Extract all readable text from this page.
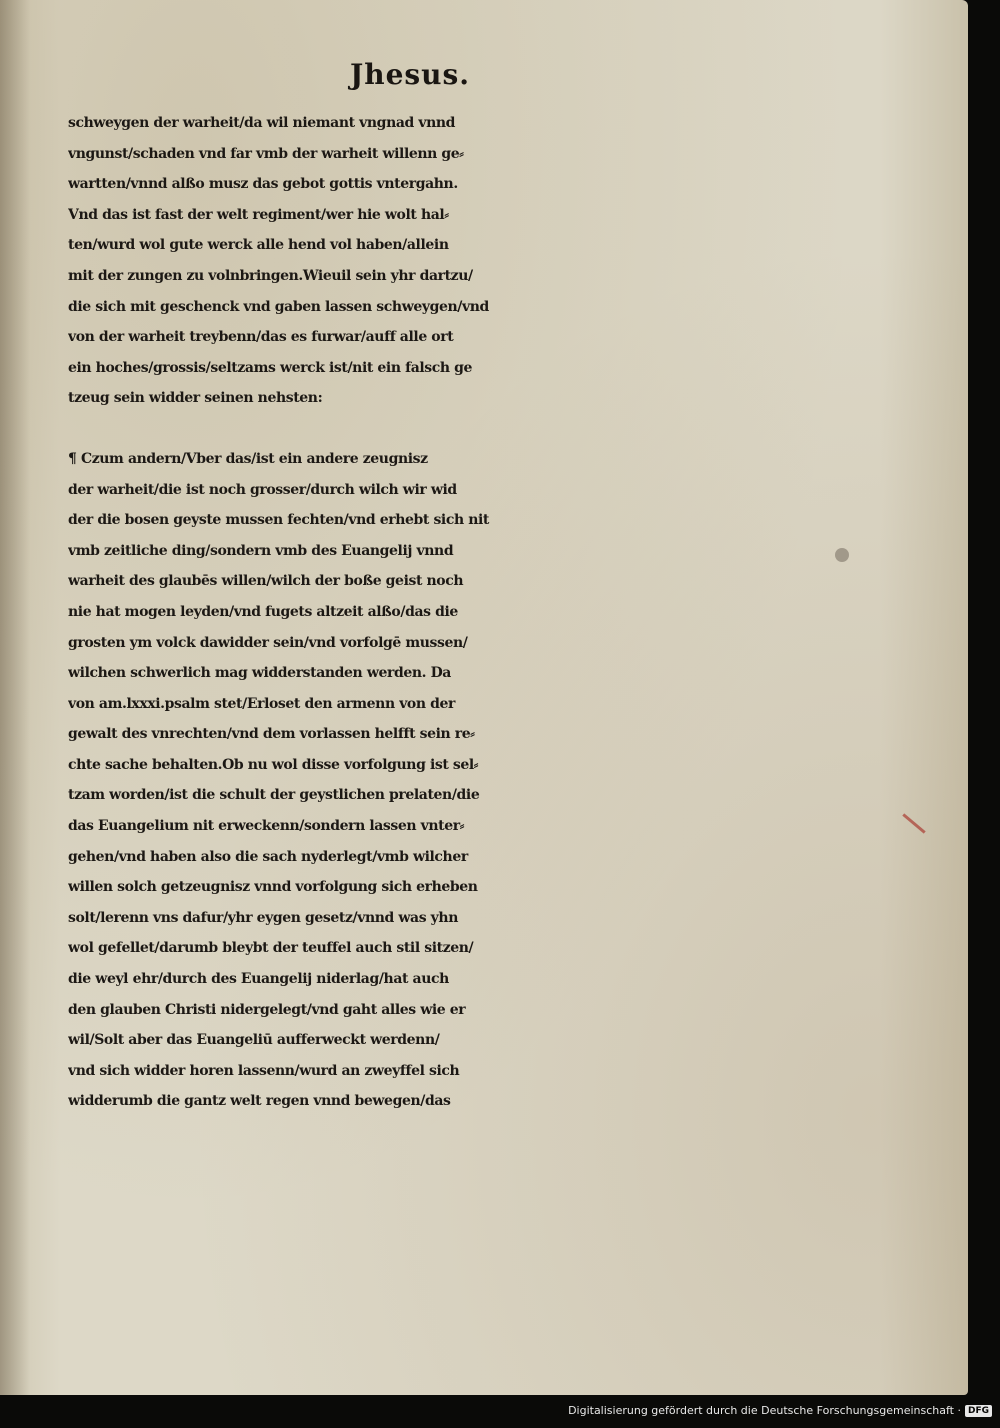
Jhesus.
schweygen der warheit/da wil niemant vngnad vnnd
vngunst/schaden vnd far vmb der warheit willenn ge⸗
wartten/vnnd alßo musz das gebot gottis vntergahn.
Vnd das ist fast der welt regiment/wer hie wolt hal⸗
ten/wurd wol gute werck alle hend vol haben/allein
mit der zungen zu volnbringen.Wieuil sein yhr dartzu/
die sich mit geschenck vnd gaben lassen schweygen/vnd
von der warheit treybenn/das es furwar/auff alle ort
ein hoches/grossis/seltzams werck ist/nit ein falsch ge
tzeug sein widder seinen nehsten:
¶ Czum andern/Vber das/ist ein andere zeugnisz
der warheit/die ist noch grosser/durch wilch wir wid
der die bosen geyste mussen fechten/vnd erhebt sich nit
vmb zeitliche ding/sondern vmb des Euangelij vnnd
warheit des glaubēs willen/wilch der boße geist noch
nie hat mogen leyden/vnd fugets altzeit alßo/das die
grosten ym volck dawidder sein/vnd vorfolgē mussen/
wilchen schwerlich mag widderstanden werden. Da
von am.lxxxi.psalm stet/Erloset den armenn von der
gewalt des vnrechten/vnd dem vorlassen helfft sein re⸗
chte sache behalten.Ob nu wol disse vorfolgung ist sel⸗
tzam worden/ist die schult der geystlichen prelaten/die
das Euangelium nit erweckenn/sondern lassen vnter⸗
gehen/vnd haben also die sach nyderlegt/vmb wilcher
willen solch getzeugnisz vnnd vorfolgung sich erheben
solt/lerenn vns dafur/yhr eygen gesetz/vnnd was yhn
wol gefellet/darumb bleybt der teuffel auch stil sitzen/
die weyl ehr/durch des Euangelij niderlag/hat auch
den glauben Christi nidergelegt/vnd gaht alles wie er
wil/Solt aber das Euangeliū aufferweckt werdenn/
vnd sich widder horen lassenn/wurd an zweyffel sich
widderumb die gantz welt regen vnnd bewegen/das
Digitalisierung gefördert durch die Deutsche Forschungsgemeinschaft · DFG
